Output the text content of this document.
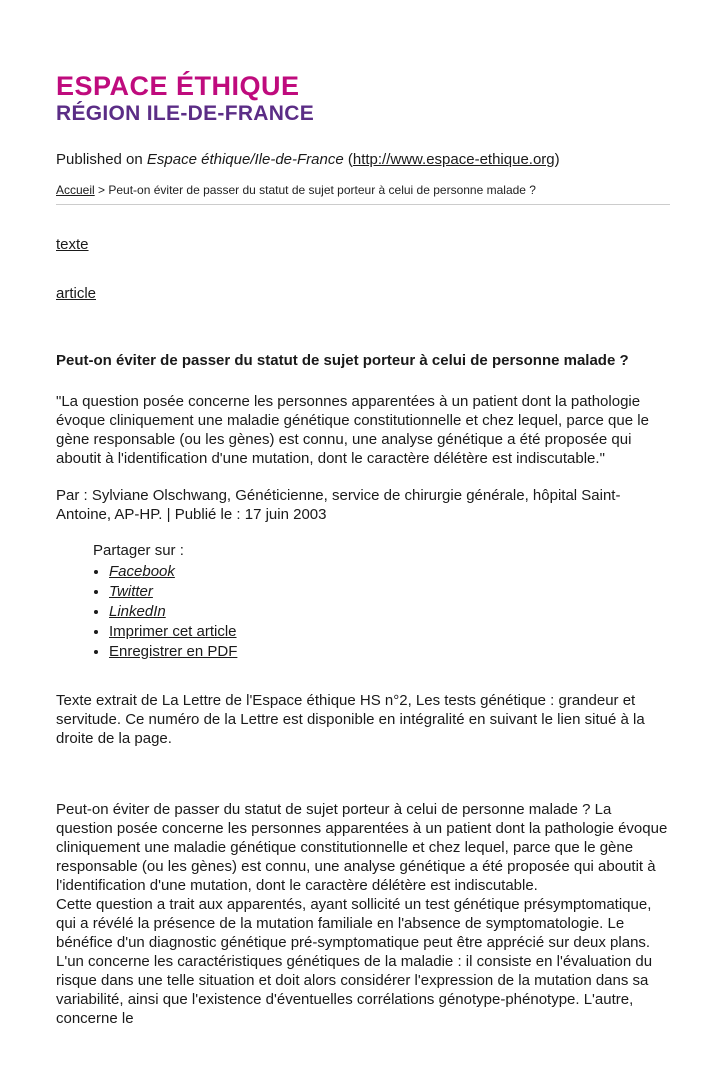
ESPACE ÉTHIQUE
RÉGION ILE-DE-FRANCE
Published on Espace éthique/Ile-de-France (http://www.espace-ethique.org)
Accueil > Peut-on éviter de passer du statut de sujet porteur à celui de personne malade ?
texte
article
Peut-on éviter de passer du statut de sujet porteur à celui de personne malade ?

"La question posée concerne les personnes apparentées à un patient dont la pathologie évoque cliniquement une maladie génétique constitutionnelle et chez lequel, parce que le gène responsable (ou les gènes) est connu, une analyse génétique a été proposée qui aboutit à l'identification d'une mutation, dont le caractère délétère est indiscutable."

Par : Sylviane Olschwang, Généticienne, service de chirurgie générale, hôpital Saint-Antoine, AP-HP. | Publié le : 17 juin 2003

Partager sur :

• Facebook
• Twitter
• LinkedIn
• Imprimer cet article
• Enregistrer en PDF

Texte extrait de La Lettre de l'Espace éthique HS n°2, Les tests génétique : grandeur et servitude. Ce numéro de la Lettre est disponible en intégralité en suivant le lien situé à la droite de la page.

Peut-on éviter de passer du statut de sujet porteur à celui de personne malade ? La question posée concerne les personnes apparentées à un patient dont la pathologie évoque cliniquement une maladie génétique constitutionnelle et chez lequel, parce que le gène responsable (ou les gènes) est connu, une analyse génétique a été proposée qui aboutit à l'identification d'une mutation, dont le caractère délétère est indiscutable.

Cette question a trait aux apparentés, ayant sollicité un test génétique présymptomatique, qui a révélé la présence de la mutation familiale en l'absence de symptomatologie. Le bénéfice d'un diagnostic génétique pré-symptomatique peut être apprécié sur deux plans. L'un concerne les caractéristiques génétiques de la maladie : il consiste en l'évaluation du risque dans une telle situation et doit alors considérer l'expression de la mutation dans sa variabilité, ainsi que l'existence d'éventuelles corrélations génotype-phénotype. L'autre, concerne le
